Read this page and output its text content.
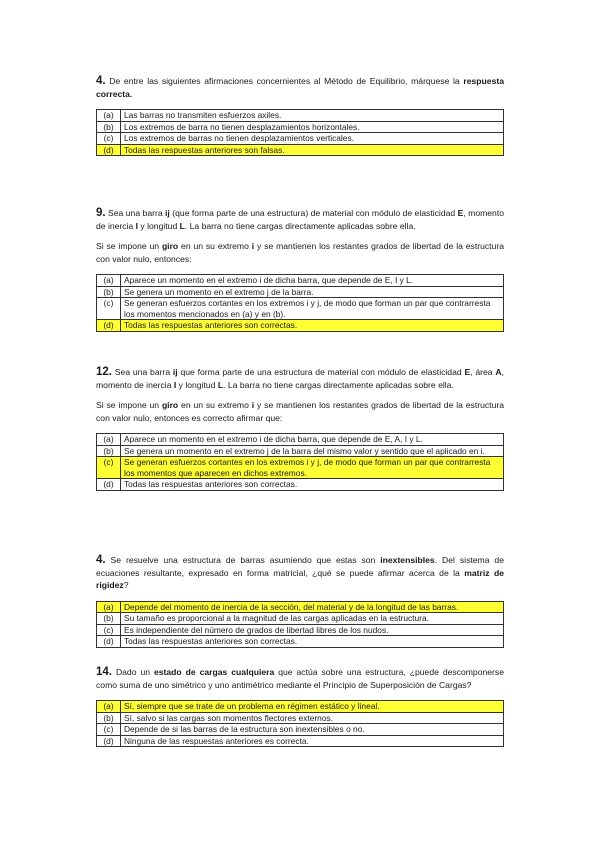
4. De entre las siguientes afirmaciones concernientes al Método de Equilibrio, márquese la respuesta correcta.

(a)	Las barras no transmiten esfuerzos axiles.
(b)	Los extremos de barra no tienen desplazamientos horizontales.
(c)	Los extremos de barras no tienen desplazamientos verticales.
(d)	Todas las respuestas anteriores son falsas.

9. Sea una barra ij (que forma parte de una estructura) de material con módulo de elasticidad E, momento de inercia I y longitud L. La barra no tiene cargas directamente aplicadas sobre ella.

Si se impone un giro en un su extremo i y se mantienen los restantes grados de libertad de la estructura con valor nulo, entonces:

(a)	Aparece un momento en el extremo i de dicha barra, que depende de E, I y L.
(b)	Se genera un momento en el extremo j de la barra.
(c)	Se generan esfuerzos cortantes en los extremos i y j, de modo que forman un par que contrarresta los momentos mencionados en (a) y en (b).
(d)	Todas las respuestas anteriores son correctas.

12. Sea una barra ij que forma parte de una estructura de material con módulo de elasticidad E, área A, momento de inercia I y longitud L. La barra no tiene cargas directamente aplicadas sobre ella.

Si se impone un giro en un su extremo i y se mantienen los restantes grados de libertad de la estructura con valor nulo, entonces es correcto afirmar que:

(a)	Aparece un momento en el extremo i de dicha barra, que depende de E, A, I y L.
(b)	Se genera un momento en el extremo j de la barra del mismo valor y sentido que el aplicado en i.
(c)	Se generan esfuerzos cortantes en los extremos i y j, de modo que forman un par que contrarresta los momentos que aparecen en dichos extremos.
(d)	Todas las respuestas anteriores son correctas.

4. Se resuelve una estructura de barras asumiendo que estas son inextensibles. Del sistema de ecuaciones resultante, expresado en forma matricial, ¿qué se puede afirmar acerca de la matriz de rigidez?

(a)	Depende del momento de inercia de la sección, del material y de la longitud de las barras.
(b)	Su tamaño es proporcional a la magnitud de las cargas aplicadas en la estructura.
(c)	Es independiente del número de grados de libertad libres de los nudos.
(d)	Todas las respuestas anteriores son correctas.

14. Dado un estado de cargas cualquiera que actúa sobre una estructura, ¿puede descomponerse como suma de uno simétrico y uno antimétrico mediante el Principio de Superposición de Cargas?

(a)	Sí, siempre que se trate de un problema en régimen estático y lineal.
(b)	Sí, salvo si las cargas son momentos flectores externos.
(c)	Depende de si las barras de la estructura son inextensibles o no.
(d)	Ninguna de las respuestas anteriores es correcta.
